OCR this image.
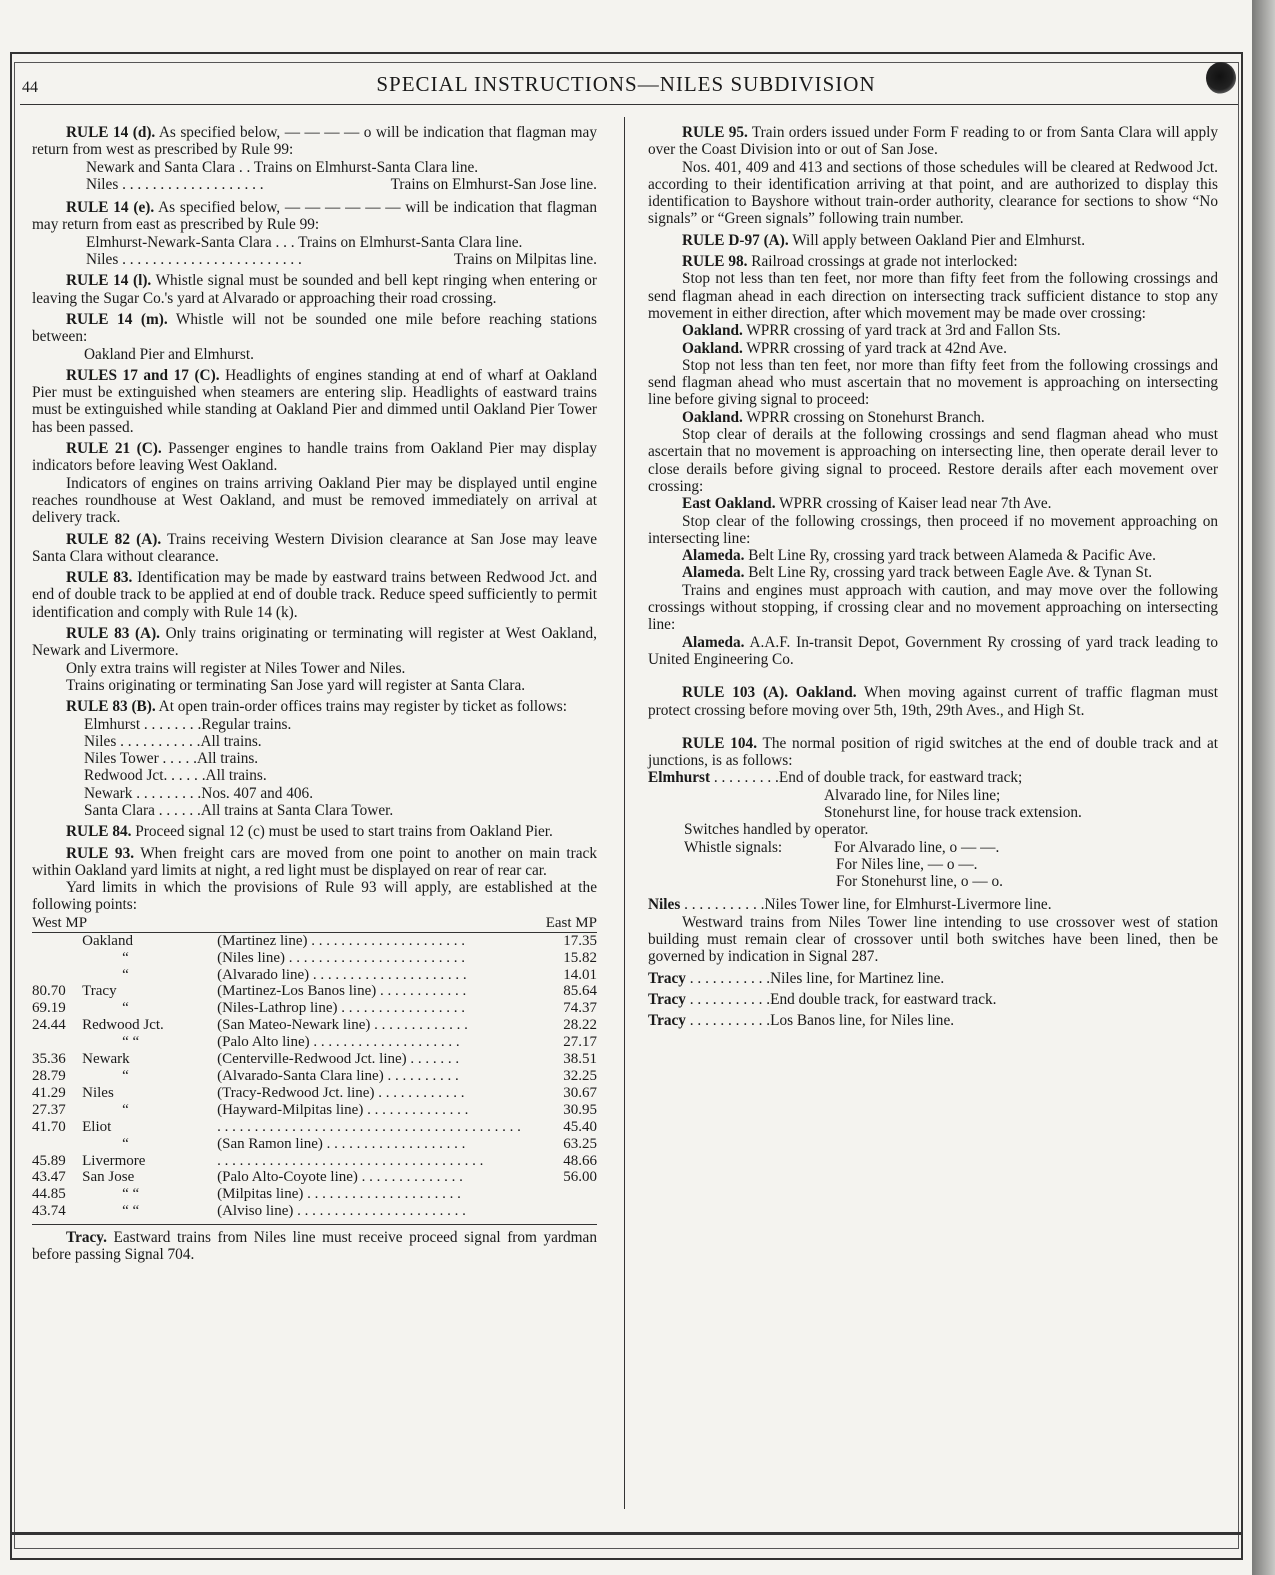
44	SPECIAL INSTRUCTIONS—NILES SUBDIVISION

RULE 14 (d). As specified below, — — — — o will be indication that flagman may return from west as prescribed by Rule 99:

Newark and Santa Clara . . Trains on Elmhurst-Santa Clara line.

Niles . . . . . . . . . . . . . . . . . . .	Trains on Elmhurst-San Jose line.

RULE 14 (e). As specified below, — — — — — — will be indication that flagman may return from east as prescribed by Rule 99:

Elmhurst-Newark-Santa Clara . . . Trains on Elmhurst-Santa Clara line.

Niles . . . . . . . . . . . . . . . . . . . . . . . .	Trains on Milpitas line.

RULE 14 (l). Whistle signal must be sounded and bell kept ringing when entering or leaving the Sugar Co.'s yard at Alvarado or approaching their road crossing.

RULE 14 (m). Whistle will not be sounded one mile before reaching stations between:

Oakland Pier and Elmhurst.

RULES 17 and 17 (C). Headlights of engines standing at end of wharf at Oakland Pier must be extinguished when steamers are entering slip. Headlights of eastward trains must be extinguished while standing at Oakland Pier and dimmed until Oakland Pier Tower has been passed.

RULE 21 (C). Passenger engines to handle trains from Oakland Pier may display indicators before leaving West Oakland.

Indicators of engines on trains arriving Oakland Pier may be displayed until engine reaches roundhouse at West Oakland, and must be removed immediately on arrival at delivery track.

RULE 82 (A). Trains receiving Western Division clearance at San Jose may leave Santa Clara without clearance.

RULE 83. Identification may be made by eastward trains between Redwood Jct. and end of double track to be applied at end of double track. Reduce speed sufficiently to permit identification and comply with Rule 14 (k).

RULE 83 (A). Only trains originating or terminating will register at West Oakland, Newark and Livermore.

Only extra trains will register at Niles Tower and Niles.

Trains originating or terminating San Jose yard will register at Santa Clara.

RULE 83 (B). At open train-order offices trains may register by ticket as follows:

Elmhurst . . . . . . . . Regular trains.
Niles . . . . . . . . . . . All trains.
Niles Tower . . . . . All trains.
Redwood Jct. . . . . . All trains.
Newark . . . . . . . . . Nos. 407 and 406.
Santa Clara . . . . . . All trains at Santa Clara Tower.

RULE 84. Proceed signal 12 (c) must be used to start trains from Oakland Pier.

RULE 93. When freight cars are moved from one point to another on main track within Oakland yard limits at night, a red light must be displayed on rear of rear car.

Yard limits in which the provisions of Rule 93 will apply, are established at the following points:

West MP	East MP
	Oakland	(Martinez line) . . . . . . . . . . . . . . . . . . . . .	17.35
	“	(Niles line) . . . . . . . . . . . . . . . . . . . . . . . .	15.82
	“	(Alvarado line) . . . . . . . . . . . . . . . . . . . . .	14.01
80.70	Tracy	(Martinez-Los Banos line) . . . . . . . . . . . .	85.64
69.19	“	(Niles-Lathrop line) . . . . . . . . . . . . . . . . .	74.37
24.44	Redwood Jct.	(San Mateo-Newark line) . . . . . . . . . . . . .	28.22
	“ “	(Palo Alto line) . . . . . . . . . . . . . . . . . . . .	27.17
35.36	Newark	(Centerville-Redwood Jct. line) . . . . . . .	38.51
28.79	“	(Alvarado-Santa Clara line) . . . . . . . . . .	32.25
41.29	Niles	(Tracy-Redwood Jct. line) . . . . . . . . . . . .	30.67
27.37	“	(Hayward-Milpitas line) . . . . . . . . . . . . . .	30.95
41.70	Eliot	. . . . . . . . . . . . . . . . . . . . . . . . . . . . . . . . . . . . . . . . .	45.40
	“	(San Ramon line) . . . . . . . . . . . . . . . . . . .	63.25
45.89	Livermore	. . . . . . . . . . . . . . . . . . . . . . . . . . . . . . . . . . . .	48.66
43.47	San Jose	(Palo Alto-Coyote line) . . . . . . . . . . . . . .	56.00
44.85	“ “	(Milpitas line) . . . . . . . . . . . . . . . . . . . . .	
43.74	“ “	(Alviso line) . . . . . . . . . . . . . . . . . . . . . . .	

Tracy. Eastward trains from Niles line must receive proceed signal from yardman before passing Signal 704.

RULE 95. Train orders issued under Form F reading to or from Santa Clara will apply over the Coast Division into or out of San Jose.

Nos. 401, 409 and 413 and sections of those schedules will be cleared at Redwood Jct. according to their identification arriving at that point, and are authorized to display this identification to Bayshore without train-order authority, clearance for sections to show “No signals” or “Green signals” following train number.

RULE D-97 (A). Will apply between Oakland Pier and Elmhurst.

RULE 98. Railroad crossings at grade not interlocked:

Stop not less than ten feet, nor more than fifty feet from the following crossings and send flagman ahead in each direction on intersecting track sufficient distance to stop any movement in either direction, after which movement may be made over crossing:

Oakland. WPRR crossing of yard track at 3rd and Fallon Sts.

Oakland. WPRR crossing of yard track at 42nd Ave.

Stop not less than ten feet, nor more than fifty feet from the following crossings and send flagman ahead who must ascertain that no movement is approaching on intersecting line before giving signal to proceed:

Oakland. WPRR crossing on Stonehurst Branch.

Stop clear of derails at the following crossings and send flagman ahead who must ascertain that no movement is approaching on intersecting line, then operate derail lever to close derails before giving signal to proceed. Restore derails after each movement over crossing:

East Oakland. WPRR crossing of Kaiser lead near 7th Ave.

Stop clear of the following crossings, then proceed if no movement approaching on intersecting line:

Alameda. Belt Line Ry, crossing yard track between Alameda & Pacific Ave.

Alameda. Belt Line Ry, crossing yard track between Eagle Ave. & Tynan St.

Trains and engines must approach with caution, and may move over the following crossings without stopping, if crossing clear and no movement approaching on intersecting line:

Alameda. A.A.F. In-transit Depot, Government Ry crossing of yard track leading to United Engineering Co.

RULE 103 (A). Oakland. When moving against current of traffic flagman must protect crossing before moving over 5th, 19th, 29th Aves., and High St.

RULE 104. The normal position of rigid switches at the end of double track and at junctions, is as follows:

Elmhurst . . . . . . . . . End of double track, for eastward track;

Alvarado line, for Niles line;

Stonehurst line, for house track extension.

Switches handled by operator.

Whistle signals:	For Alvarado line, o — —.

For Niles line, — o —.

For Stonehurst line, o — o.

Niles . . . . . . . . . . . Niles Tower line, for Elmhurst-Livermore line.

Westward trains from Niles Tower line intending to use crossover west of station building must remain clear of crossover until both switches have been lined, then be governed by indication in Signal 287.

Tracy . . . . . . . . . . . Niles line, for Martinez line.
Tracy . . . . . . . . . . . End double track, for eastward track.
Tracy . . . . . . . . . . . Los Banos line, for Niles line.
